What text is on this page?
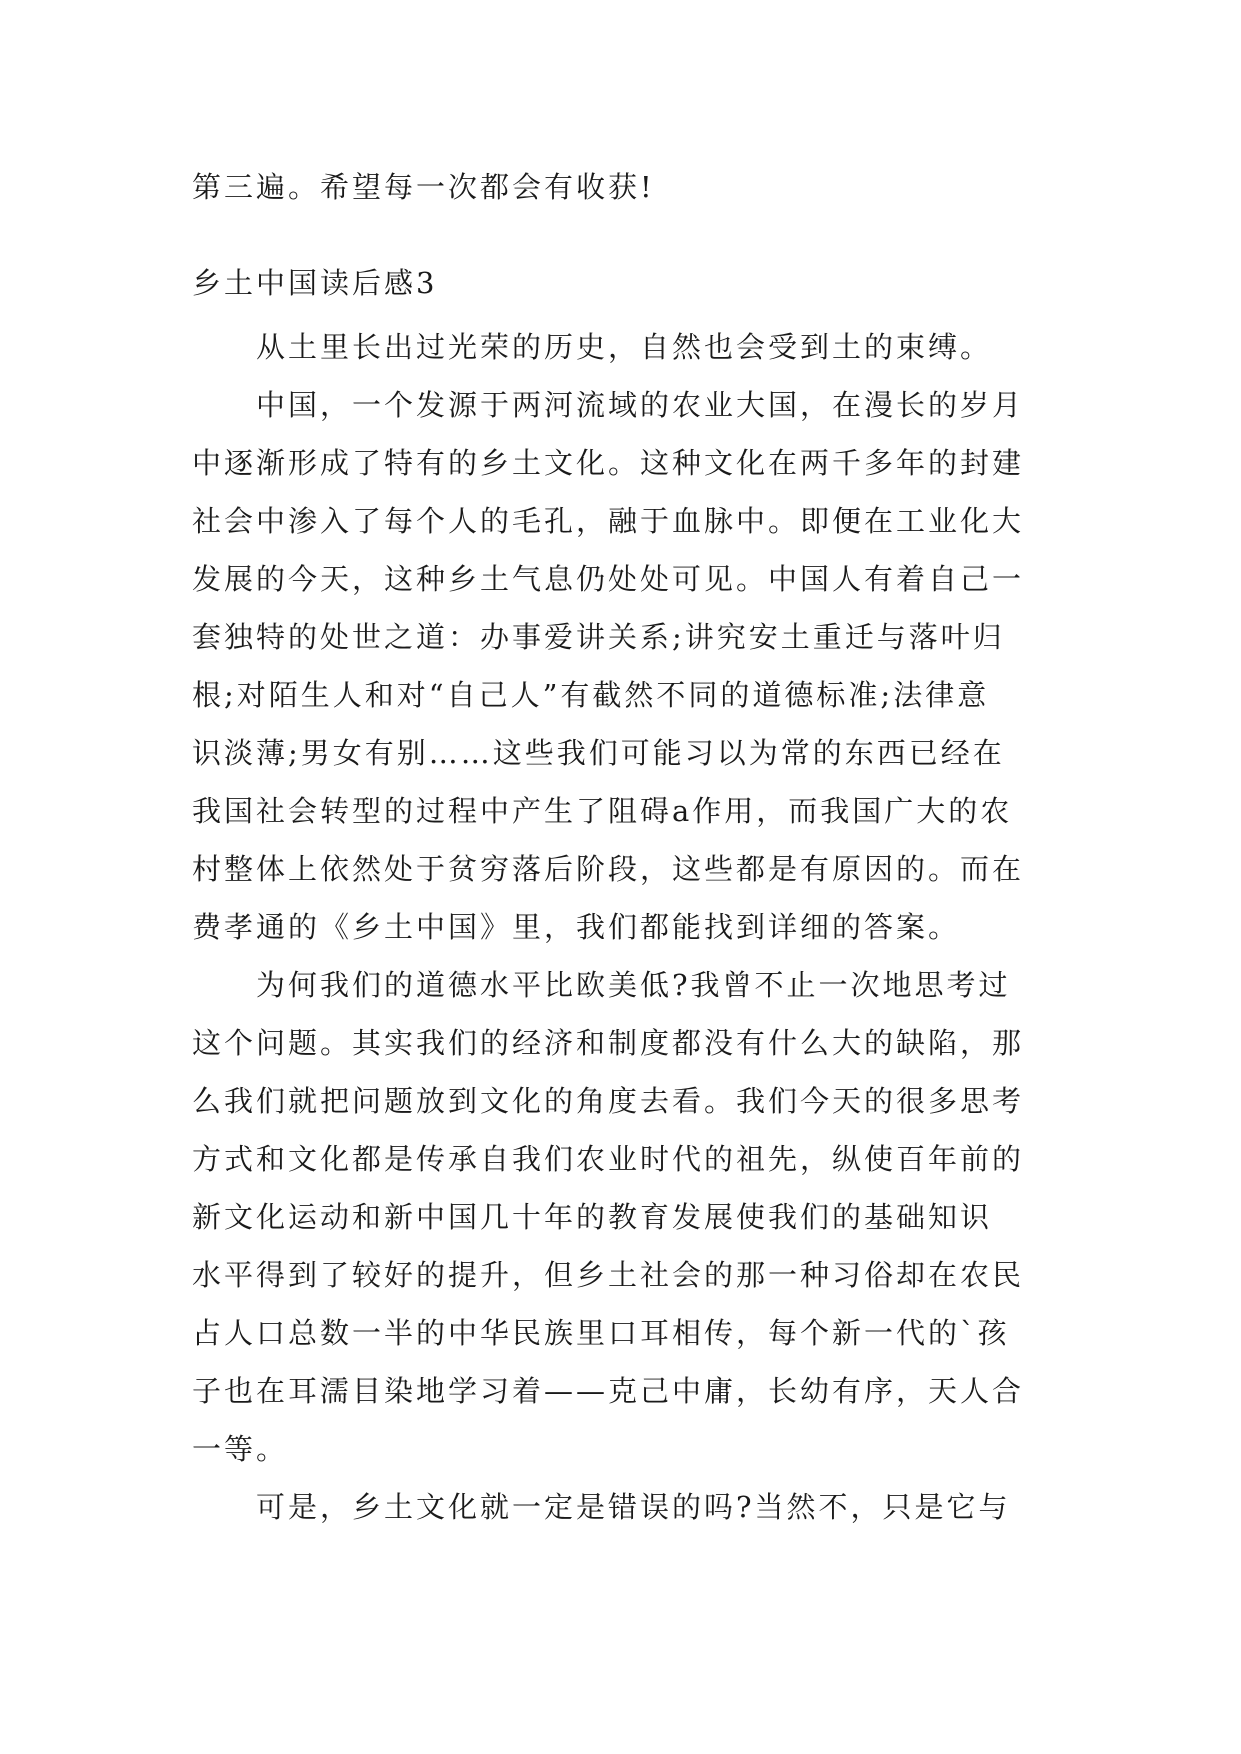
第三遍。希望每一次都会有收获!
乡土中国读后感3
从土里长出过光荣的历史，自然也会受到土的束缚。
中国，一个发源于两河流域的农业大国，在漫长的岁月
中逐渐形成了特有的乡土文化。这种文化在两千多年的封建
社会中渗入了每个人的毛孔，融于血脉中。即便在工业化大
发展的今天，这种乡土气息仍处处可见。中国人有着自己一
套独特的处世之道：办事爱讲关系;讲究安土重迁与落叶归
根;对陌生人和对“自己人”有截然不同的道德标准;法律意
识淡薄;男女有别……这些我们可能习以为常的东西已经在
我国社会转型的过程中产生了阻碍a作用，而我国广大的农
村整体上依然处于贫穷落后阶段，这些都是有原因的。而在
费孝通的《乡土中国》里，我们都能找到详细的答案。
为何我们的道德水平比欧美低?我曾不止一次地思考过
这个问题。其实我们的经济和制度都没有什么大的缺陷，那
么我们就把问题放到文化的角度去看。我们今天的很多思考
方式和文化都是传承自我们农业时代的祖先，纵使百年前的
新文化运动和新中国几十年的教育发展使我们的基础知识
水平得到了较好的提升，但乡土社会的那一种习俗却在农民
占人口总数一半的中华民族里口耳相传，每个新一代的`孩
子也在耳濡目染地学习着——克己中庸，长幼有序，天人合
一等。
可是，乡土文化就一定是错误的吗?当然不，只是它与
